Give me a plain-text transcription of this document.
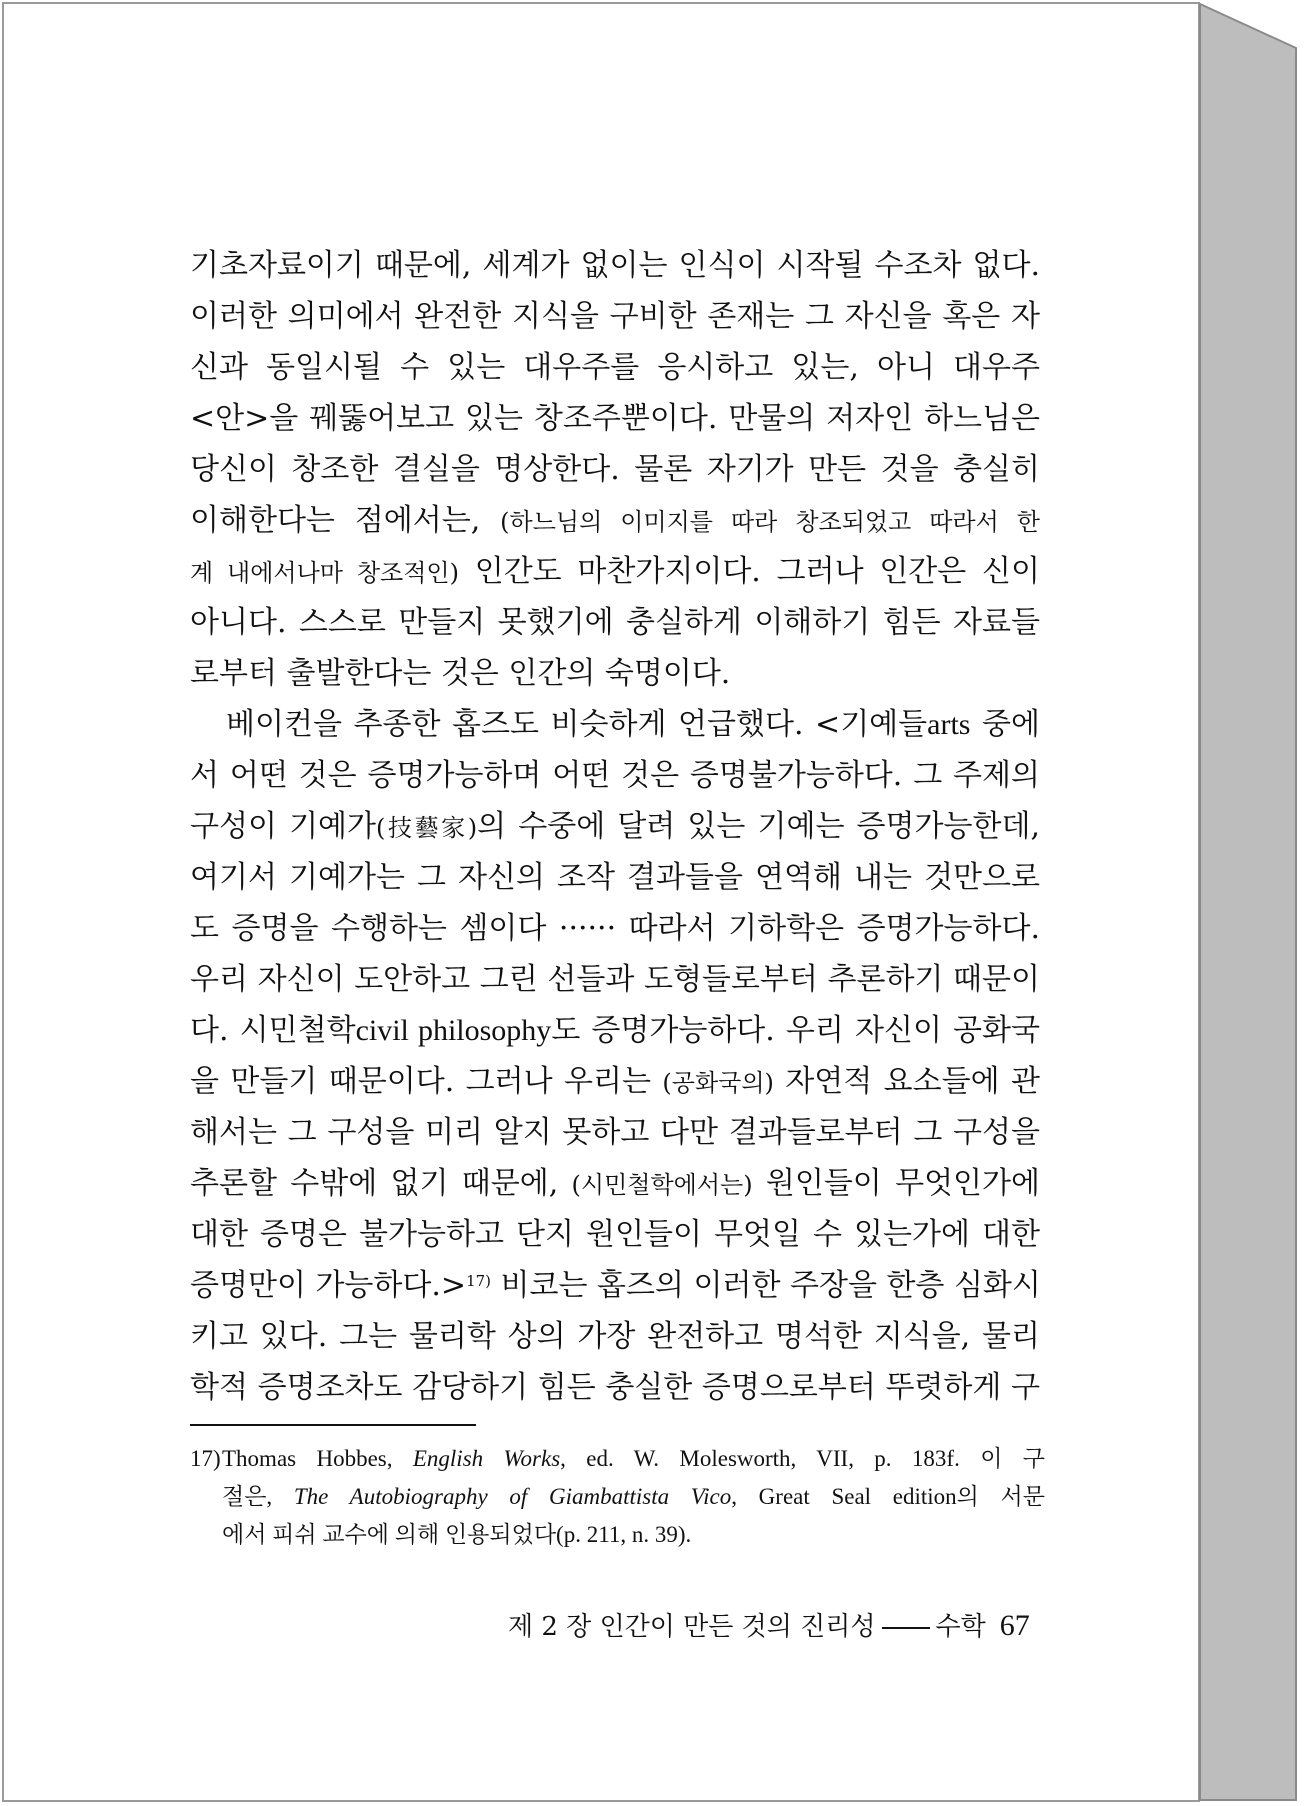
기초자료이기 때문에, 세계가 없이는 인식이 시작될 수조차 없다.
이러한 의미에서 완전한 지식을 구비한 존재는 그 자신을 혹은 자
신과 동일시될 수 있는 대우주를 응시하고 있는, 아니 대우주
<안>을 꿰뚫어보고 있는 창조주뿐이다. 만물의 저자인 하느님은
당신이 창조한 결실을 명상한다. 물론 자기가 만든 것을 충실히
이해한다는 점에서는, (하느님의 이미지를 따라 창조되었고 따라서 한
계 내에서나마 창조적인) 인간도 마찬가지이다. 그러나 인간은 신이
아니다. 스스로 만들지 못했기에 충실하게 이해하기 힘든 자료들
로부터 출발한다는 것은 인간의 숙명이다.
베이컨을 추종한 홉즈도 비슷하게 언급했다. <기예들arts 중에
서 어떤 것은 증명가능하며 어떤 것은 증명불가능하다. 그 주제의
구성이 기예가(技藝家)의 수중에 달려 있는 기예는 증명가능한데,
여기서 기예가는 그 자신의 조작 결과들을 연역해 내는 것만으로
도 증명을 수행하는 셈이다 ······ 따라서 기하학은 증명가능하다.
우리 자신이 도안하고 그린 선들과 도형들로부터 추론하기 때문이
다. 시민철학civil philosophy도 증명가능하다. 우리 자신이 공화국
을 만들기 때문이다. 그러나 우리는 (공화국의) 자연적 요소들에 관
해서는 그 구성을 미리 알지 못하고 다만 결과들로부터 그 구성을
추론할 수밖에 없기 때문에, (시민철학에서는) 원인들이 무엇인가에
대한 증명은 불가능하고 단지 원인들이 무엇일 수 있는가에 대한
증명만이 가능하다.>$^{17)}$ 비코는 홉즈의 이러한 주장을 한층 심화시
키고 있다. 그는 물리학 상의 가장 완전하고 명석한 지식을, 물리
학적 증명조차도 감당하기 힘든 충실한 증명으로부터 뚜렷하게 구
17)Thomas Hobbes, English Works, ed. W. Molesworth, VII, p. 183f. 이 구
절은, The Autobiography of Giambattista Vico, Great Seal edition의 서문
에서 피쉬 교수에 의해 인용되었다(p. 211, n. 39).
제 2 장 인간이 만든 것의 진리성 수학 67
